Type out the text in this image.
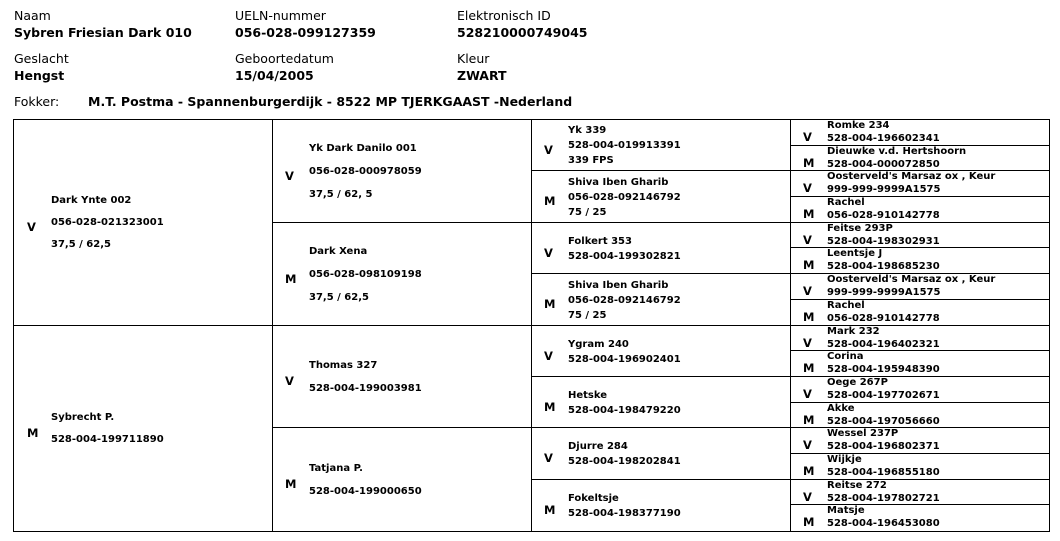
Naam
Sybren Friesian Dark 010
UELN-nummer
056-028-099127359
Elektronisch ID
528210000749045
Geslacht
Hengst
Geboortedatum
15/04/2005
Kleur
ZWART
Fokker: M.T. Postma - Spannenburgerdijk - 8522 MP TJERKGAAST -Nederland
V
Dark Ynte 002
056-028-021323001
37,5 / 62,5
M
Sybrecht P.
528-004-199711890
V
Yk Dark Danilo 001
056-028-000978059
37,5 / 62, 5
M
Dark Xena
056-028-098109198
37,5 / 62,5
V
Thomas 327
528-004-199003981
M
Tatjana P.
528-004-199000650
V
Yk 339
528-004-019913391
339 FPS
M
Shiva Iben Gharib
056-028-092146792
75 / 25
V
Folkert 353
528-004-199302821
M
Shiva Iben Gharib
056-028-092146792
75 / 25
V
Ygram 240
528-004-196902401
M
Hetske
528-004-198479220
V
Djurre 284
528-004-198202841
M
Fokeltsje
528-004-198377190
V
Romke 234
528-004-196602341
M
Dieuwke v.d. Hertshoorn
528-004-000072850
V
Oosterveld's Marsaz ox , Keur
999-999-9999A1575
M
Rachel
056-028-910142778
V
Feitse 293P
528-004-198302931
M
Leentsje J
528-004-198685230
V
Oosterveld's Marsaz ox , Keur
999-999-9999A1575
M
Rachel
056-028-910142778
V
Mark 232
528-004-196402321
M
Corina
528-004-195948390
V
Oege 267P
528-004-197702671
M
Akke
528-004-197056660
V
Wessel 237P
528-004-196802371
M
Wijkje
528-004-196855180
V
Reitse 272
528-004-197802721
M
Matsje
528-004-196453080
